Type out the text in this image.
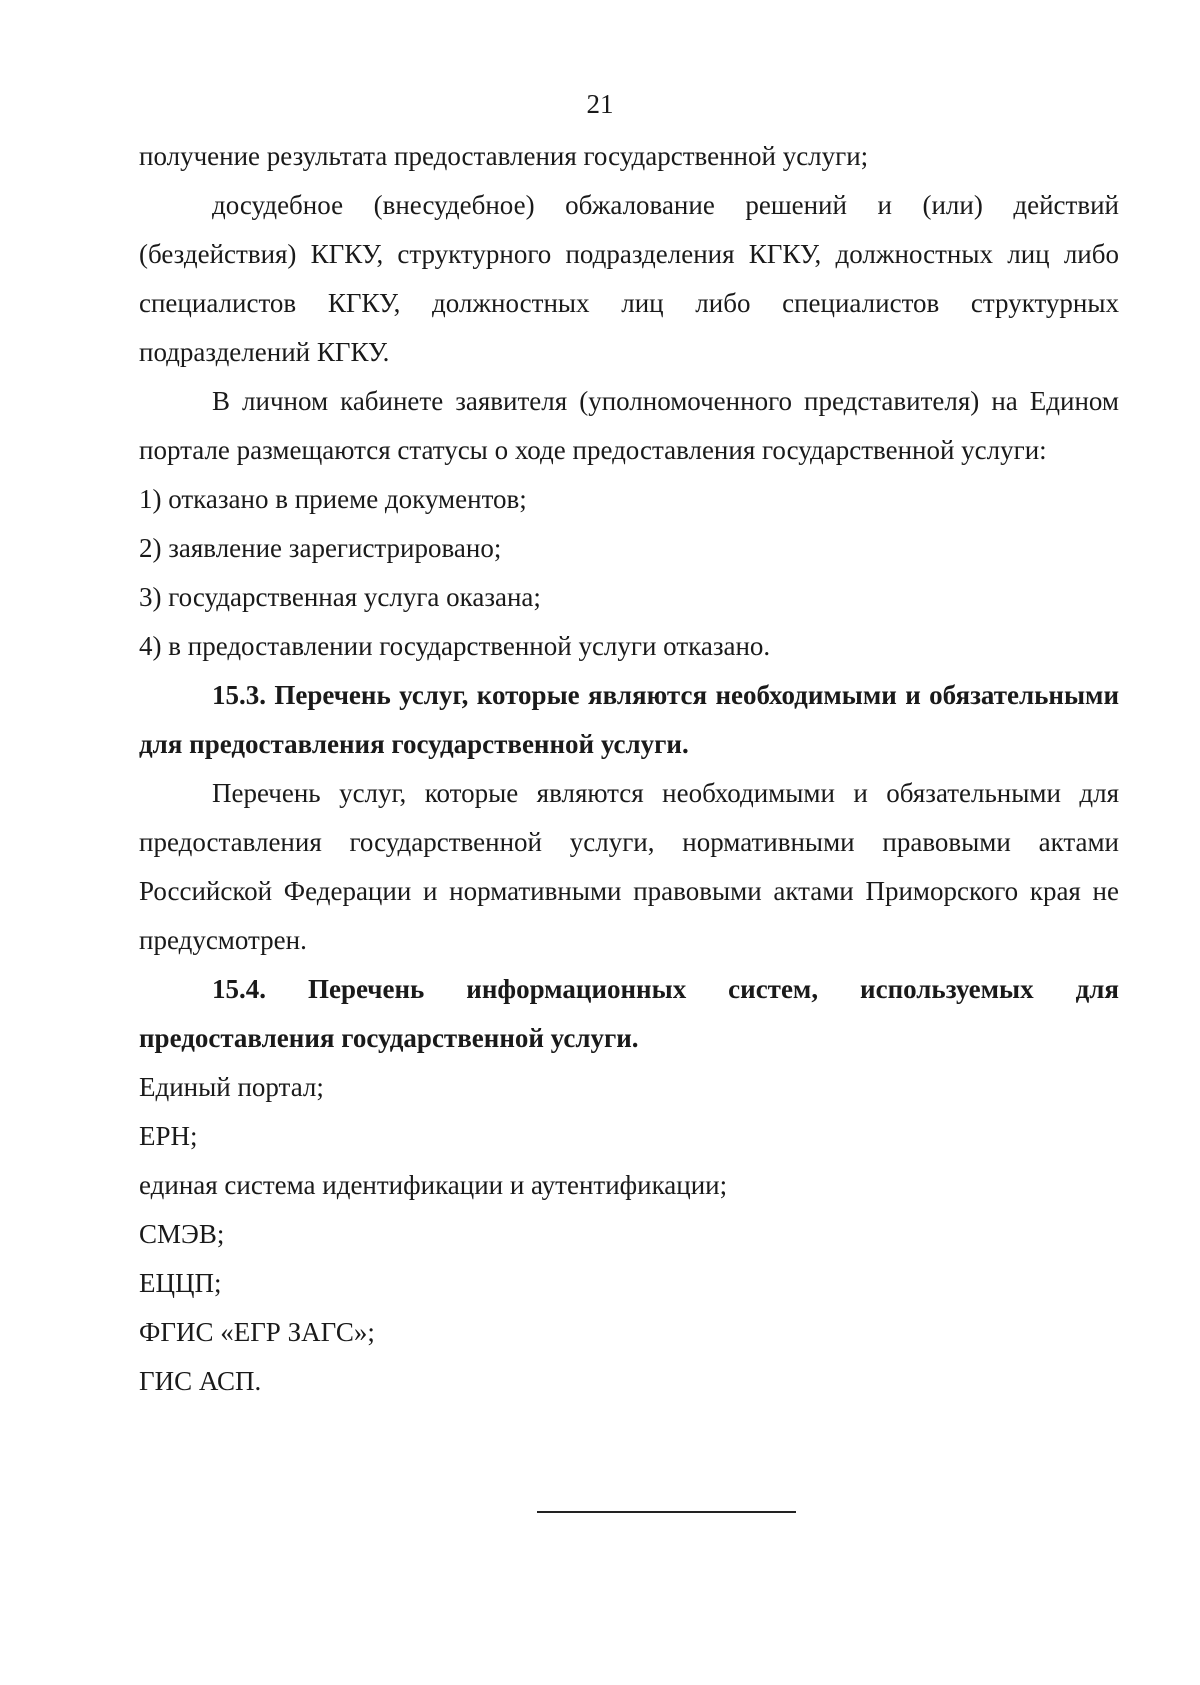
21

получение результата предоставления государственной услуги;

досудебное (внесудебное) обжалование решений и (или) действий (бездействия) КГКУ, структурного подразделения КГКУ, должностных лиц либо специалистов КГКУ, должностных лиц либо специалистов структурных подразделений КГКУ.

В личном кабинете заявителя (уполномоченного представителя) на Едином портале размещаются статусы о ходе предоставления государственной услуги:

1) отказано в приеме документов;

2) заявление зарегистрировано;

3) государственная услуга оказана;

4) в предоставлении государственной услуги отказано.

15.3. Перечень услуг, которые являются необходимыми и обязательными для предоставления государственной услуги.

Перечень услуг, которые являются необходимыми и обязательными для предоставления государственной услуги, нормативными правовыми актами Российской Федерации и нормативными правовыми актами Приморского края не предусмотрен.

15.4. Перечень информационных систем, используемых для предоставления государственной услуги.

Единый портал;

ЕРН;

единая система идентификации и аутентификации;

СМЭВ;

ЕЦЦП;

ФГИС «ЕГР ЗАГС»;

ГИС АСП.
